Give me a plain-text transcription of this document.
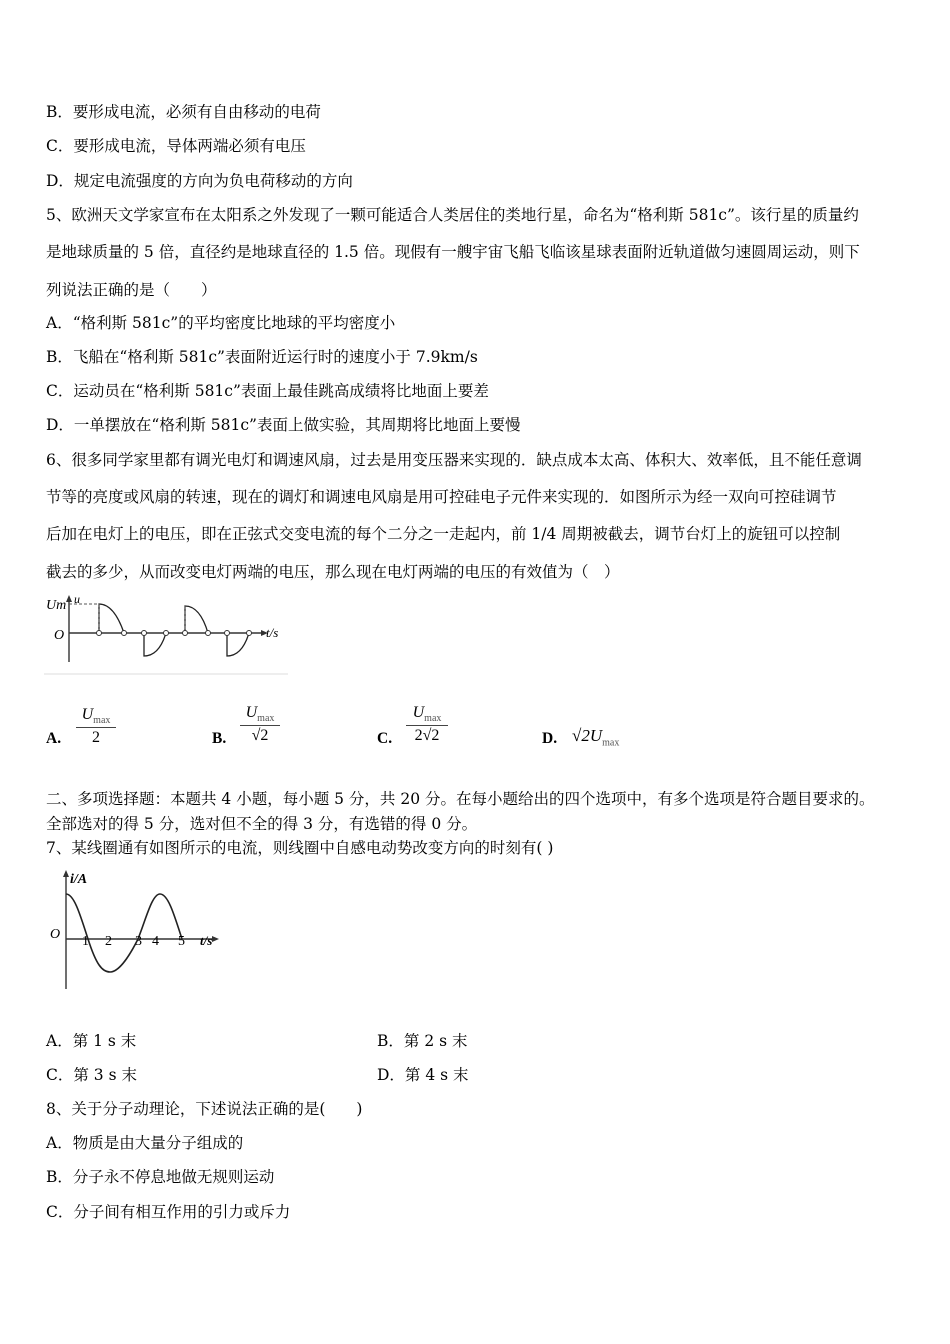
B．要形成电流，必须有自由移动的电荷
C．要形成电流，导体两端必须有电压
D．规定电流强度的方向为负电荷移动的方向
5、欧洲天文学家宣布在太阳系之外发现了一颗可能适合人类居住的类地行星，命名为“格利斯 581c”。该行星的质量约
是地球质量的 5 倍，直径约是地球直径的 1.5 倍。现假有一艘宇宙飞船飞临该星球表面附近轨道做匀速圆周运动，则下
列说法正确的是（　　）
A．“格利斯 581c”的平均密度比地球的平均密度小
B．飞船在“格利斯 581c”表面附近运行时的速度小于 7.9km/s
C．运动员在“格利斯 581c”表面上最佳跳高成绩将比地面上要差
D．一单摆放在“格利斯 581c”表面上做实验，其周期将比地面上要慢
6、很多同学家里都有调光电灯和调速风扇，过去是用变压器来实现的．缺点成本太高、体积大、效率低，且不能任意调
节等的亮度或风扇的转速，现在的调灯和调速电风扇是用可控硅电子元件来实现的．如图所示为经一双向可控硅调节
后加在电灯上的电压，即在正弦式交变电流的每个二分之一走起内，前 1/4 周期被截去，调节台灯上的旋钮可以控制
截去的多少，从而改变电灯两端的电压，那么现在电灯两端的电压的有效值为（　）
Um u
O	t/s
A.
$U_{max}$
2	B.
$U_{max}$
√2	C.
$U_{max}$
2√2	D. $√2U_{max}$
二、多项选择题：本题共 4 小题，每小题 5 分，共 20 分。在每小题给出的四个选项中，有多个选项是符合题目要求的。
全部选对的得 5 分，选对但不全的得 3 分，有选错的得 0 分。
7、某线圈通有如图所示的电流，则线圈中自感电动势改变方向的时刻有( )
i/A
O 1 2 3 4 5 t/s
A．第 1 s 末	B．第 2 s 末
C．第 3 s 末	D．第 4 s 末
8、关于分子动理论，下述说法正确的是(　　)
A．物质是由大量分子组成的
B．分子永不停息地做无规则运动
C．分子间有相互作用的引力或斥力
